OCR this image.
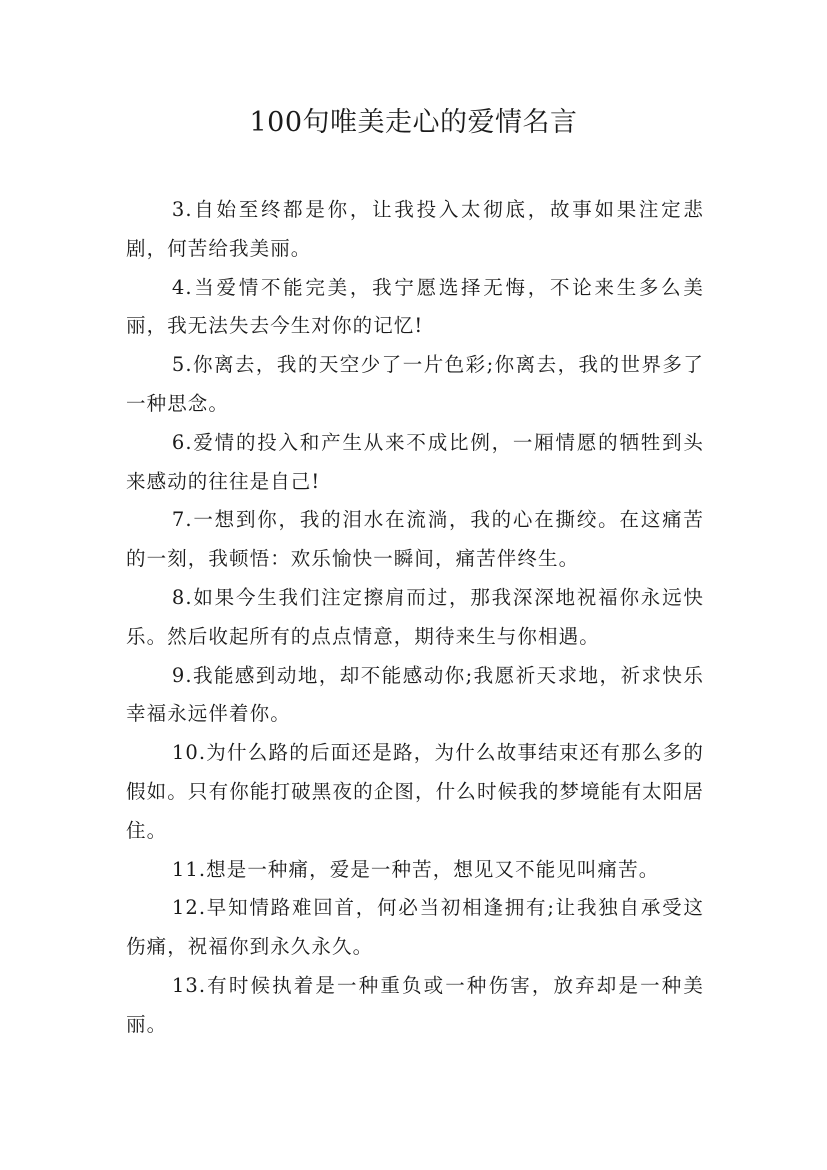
100句唯美走心的爱情名言

3.自始至终都是你，让我投入太彻底，故事如果注定悲剧，何苦给我美丽。

4.当爱情不能完美，我宁愿选择无悔，不论来生多么美丽，我无法失去今生对你的记忆!

5.你离去，我的天空少了一片色彩;你离去，我的世界多了一种思念。

6.爱情的投入和产生从来不成比例，一厢情愿的牺牲到头来感动的往往是自己!

7.一想到你，我的泪水在流淌，我的心在撕绞。在这痛苦的一刻，我顿悟：欢乐愉快一瞬间，痛苦伴终生。

8.如果今生我们注定擦肩而过，那我深深地祝福你永远快乐。然后收起所有的点点情意，期待来生与你相遇。

9.我能感到动地，却不能感动你;我愿祈天求地，祈求快乐幸福永远伴着你。

10.为什么路的后面还是路，为什么故事结束还有那么多的假如。只有你能打破黑夜的企图，什么时候我的梦境能有太阳居住。

11.想是一种痛，爱是一种苦，想见又不能见叫痛苦。

12.早知情路难回首，何必当初相逢拥有;让我独自承受这伤痛，祝福你到永久永久。

13.有时候执着是一种重负或一种伤害，放弃却是一种美丽。
